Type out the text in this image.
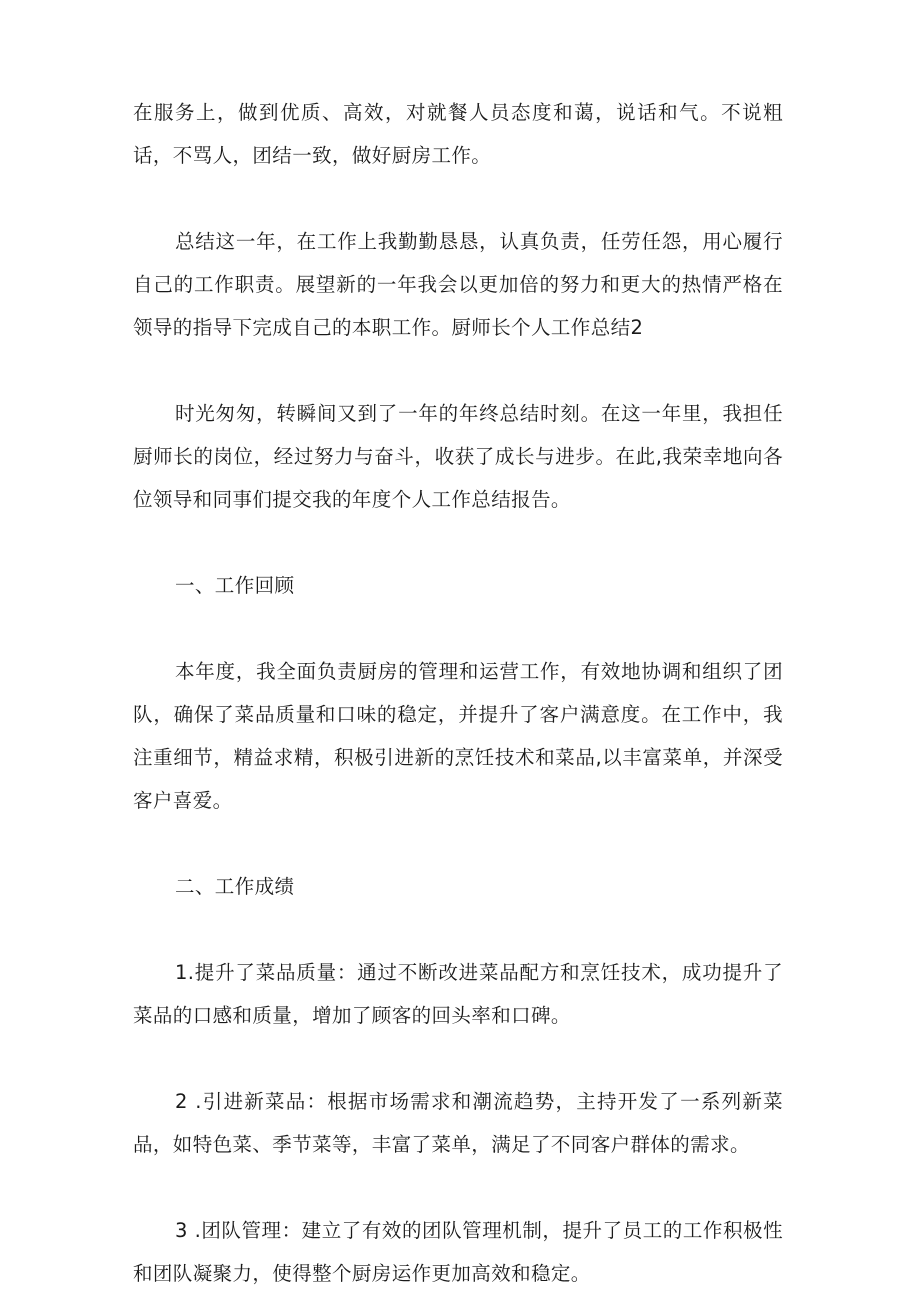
在服务上，做到优质、高效，对就餐人员态度和蔼，说话和气。不说粗话，不骂人，团结一致，做好厨房工作。

总结这一年，在工作上我勤勤恳恳，认真负责，任劳任怨，用心履行自己的工作职责。展望新的一年我会以更加倍的努力和更大的热情严格在领导的指导下完成自己的本职工作。厨师长个人工作总结2

时光匆匆，转瞬间又到了一年的年终总结时刻。在这一年里，我担任厨师长的岗位，经过努力与奋斗，收获了成长与进步。在此,我荣幸地向各位领导和同事们提交我的年度个人工作总结报告。

一、工作回顾

本年度，我全面负责厨房的管理和运营工作，有效地协调和组织了团队，确保了菜品质量和口味的稳定，并提升了客户满意度。在工作中，我注重细节，精益求精，积极引进新的烹饪技术和菜品,以丰富菜单，并深受客户喜爱。

二、工作成绩

1.提升了菜品质量：通过不断改进菜品配方和烹饪技术，成功提升了菜品的口感和质量，增加了顾客的回头率和口碑。

2 .引进新菜品：根据市场需求和潮流趋势，主持开发了一系列新菜品，如特色菜、季节菜等，丰富了菜单，满足了不同客户群体的需求。

3 .团队管理：建立了有效的团队管理机制，提升了员工的工作积极性和团队凝聚力，使得整个厨房运作更加高效和稳定。
